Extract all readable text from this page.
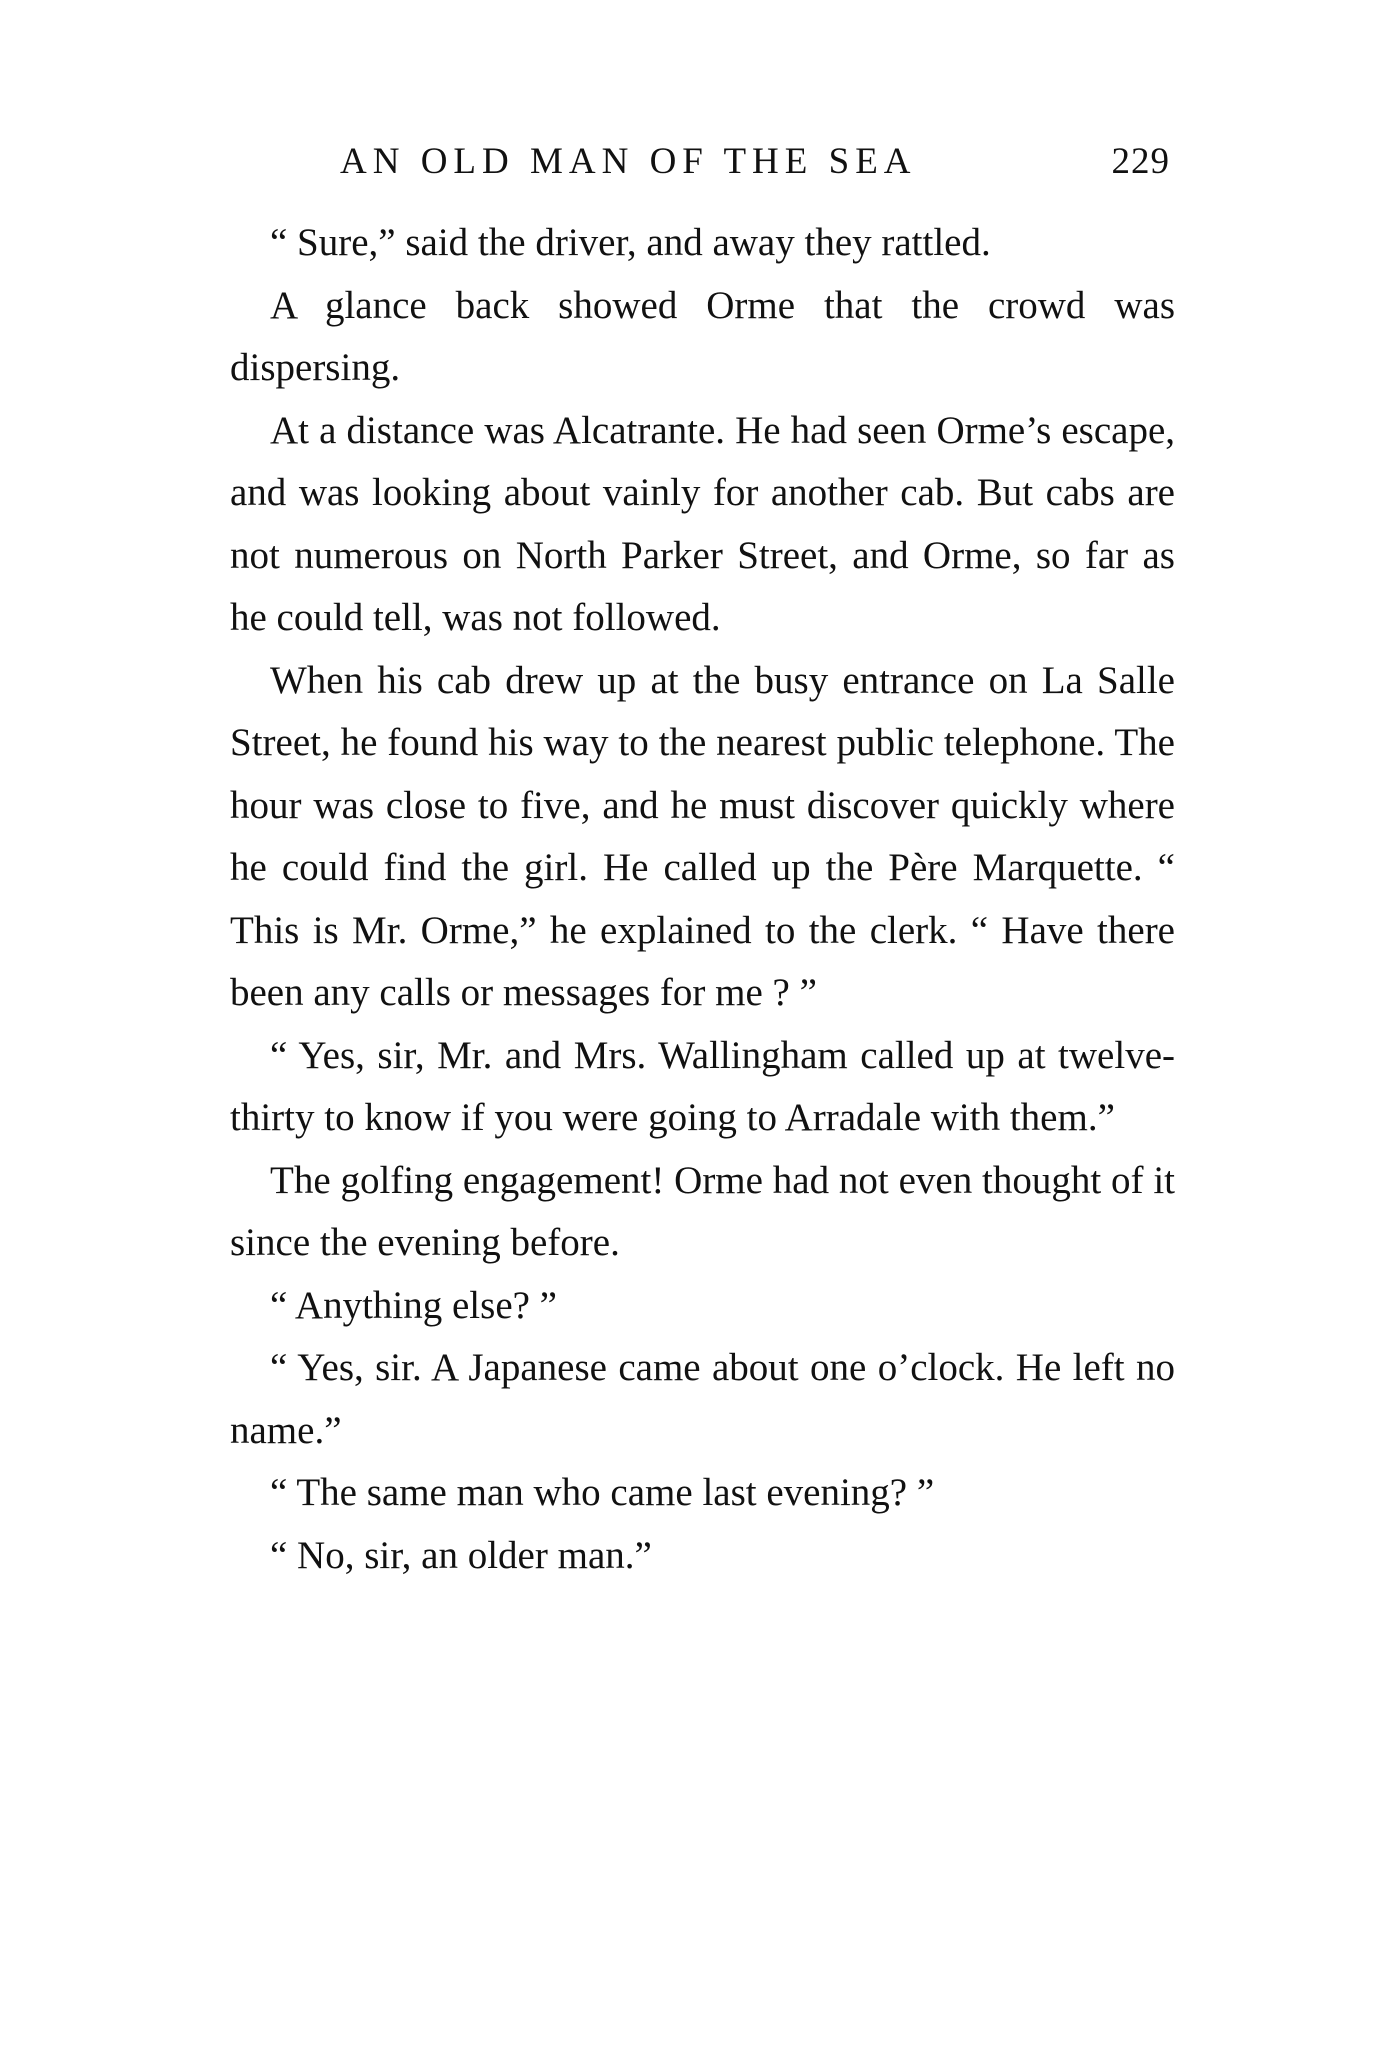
AN OLD MAN OF THE SEA	229

“ Sure,” said the driver, and away they rattled.

A glance back showed Orme that the crowd was dispersing.

At a distance was Alcatrante. He had seen Orme’s escape, and was looking about vainly for another cab. But cabs are not numerous on North Parker Street, and Orme, so far as he could tell, was not followed.

When his cab drew up at the busy entrance on La Salle Street, he found his way to the nearest public telephone. The hour was close to five, and he must discover quickly where he could find the girl. He called up the Père Marquette. “ This is Mr. Orme,” he explained to the clerk. “ Have there been any calls or messages for me ? ”

“ Yes, sir, Mr. and Mrs. Wallingham called up at twelve-thirty to know if you were going to Arradale with them.”

The golfing engagement! Orme had not even thought of it since the evening before.

“ Anything else? ”

“ Yes, sir. A Japanese came about one o’clock. He left no name.”

“ The same man who came last evening? ”

“ No, sir, an older man.”
